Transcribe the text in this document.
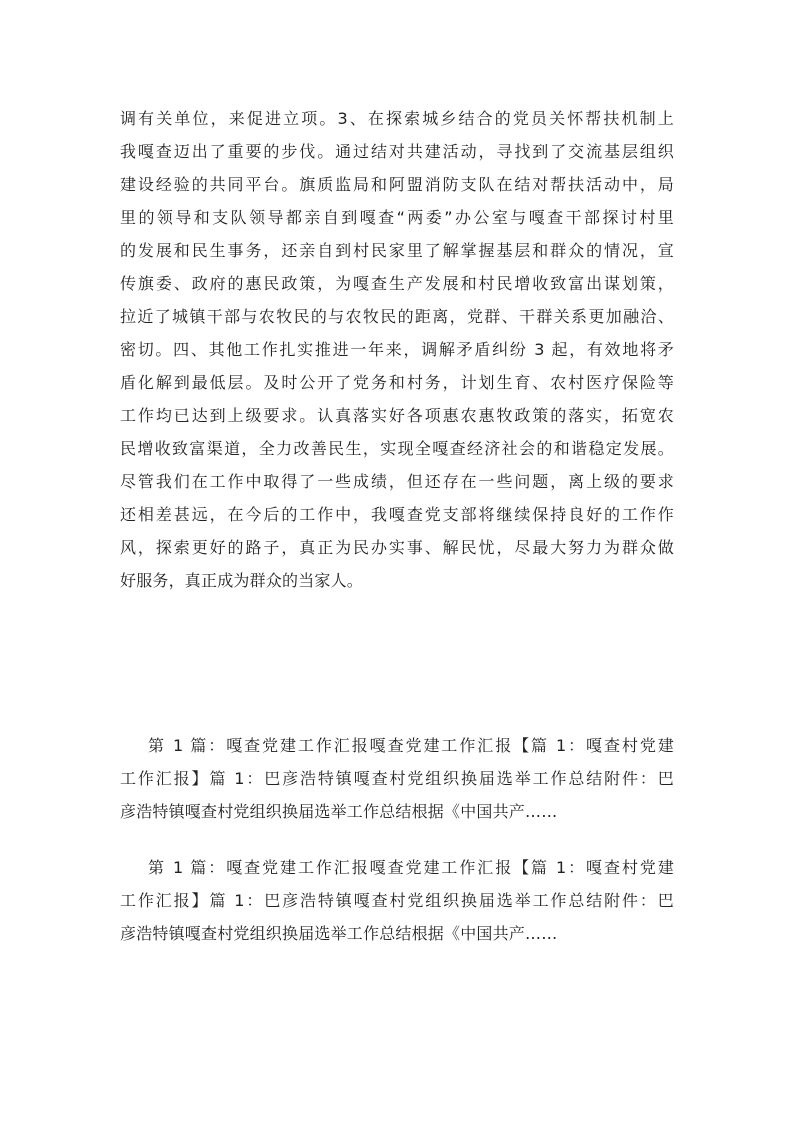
调有关单位，来促进立项。3、在探索城乡结合的党员关怀帮扶机制上
我嘎查迈出了重要的步伐。通过结对共建活动，寻找到了交流基层组织
建设经验的共同平台。旗质监局和阿盟消防支队在结对帮扶活动中，局
里的领导和支队领导都亲自到嘎查“两委”办公室与嘎查干部探讨村里
的发展和民生事务，还亲自到村民家里了解掌握基层和群众的情况，宣
传旗委、政府的惠民政策，为嘎查生产发展和村民增收致富出谋划策，
拉近了城镇干部与农牧民的与农牧民的距离，党群、干群关系更加融洽、
密切。四、其他工作扎实推进一年来，调解矛盾纠纷 3 起，有效地将矛
盾化解到最低层。及时公开了党务和村务，计划生育、农村医疗保险等
工作均已达到上级要求。认真落实好各项惠农惠牧政策的落实，拓宽农
民增收致富渠道，全力改善民生，实现全嘎查经济社会的和谐稳定发展。
尽管我们在工作中取得了一些成绩，但还存在一些问题，离上级的要求
还相差甚远，在今后的工作中，我嘎查党支部将继续保持良好的工作作
风，探索更好的路子，真正为民办实事、解民忧，尽最大努力为群众做
好服务，真正成为群众的当家人。
第 1 篇：嘎查党建工作汇报嘎查党建工作汇报【篇 1：嘎查村党建
工作汇报】篇 1：巴彦浩特镇嘎查村党组织换届选举工作总结附件：巴
彦浩特镇嘎查村党组织换届选举工作总结根据《中国共产……
第 1 篇：嘎查党建工作汇报嘎查党建工作汇报【篇 1：嘎查村党建
工作汇报】篇 1：巴彦浩特镇嘎查村党组织换届选举工作总结附件：巴
彦浩特镇嘎查村党组织换届选举工作总结根据《中国共产……
